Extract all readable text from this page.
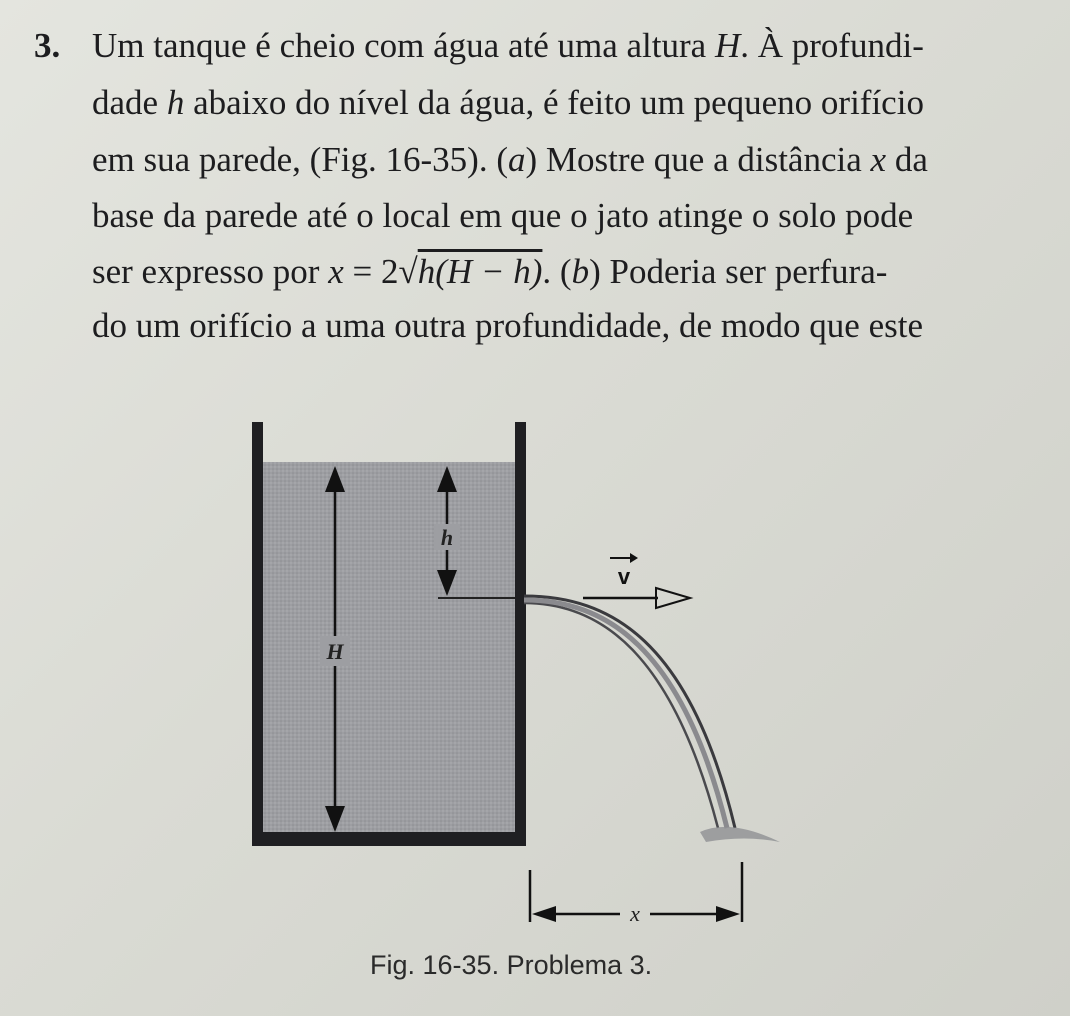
3. Um tanque é cheio com água até uma altura H. À profundi-
dade h abaixo do nível da água, é feito um pequeno orifício
em sua parede, (Fig. 16-35). (a) Mostre que a distância x da
base da parede até o local em que o jato atinge o solo pode
ser expresso por x = 2√h(H − h). (b) Poderia ser perfura-
do um orifício a uma outra profundidade, de modo que este
H
h
v
x
Fig. 16-35. Problema 3.
